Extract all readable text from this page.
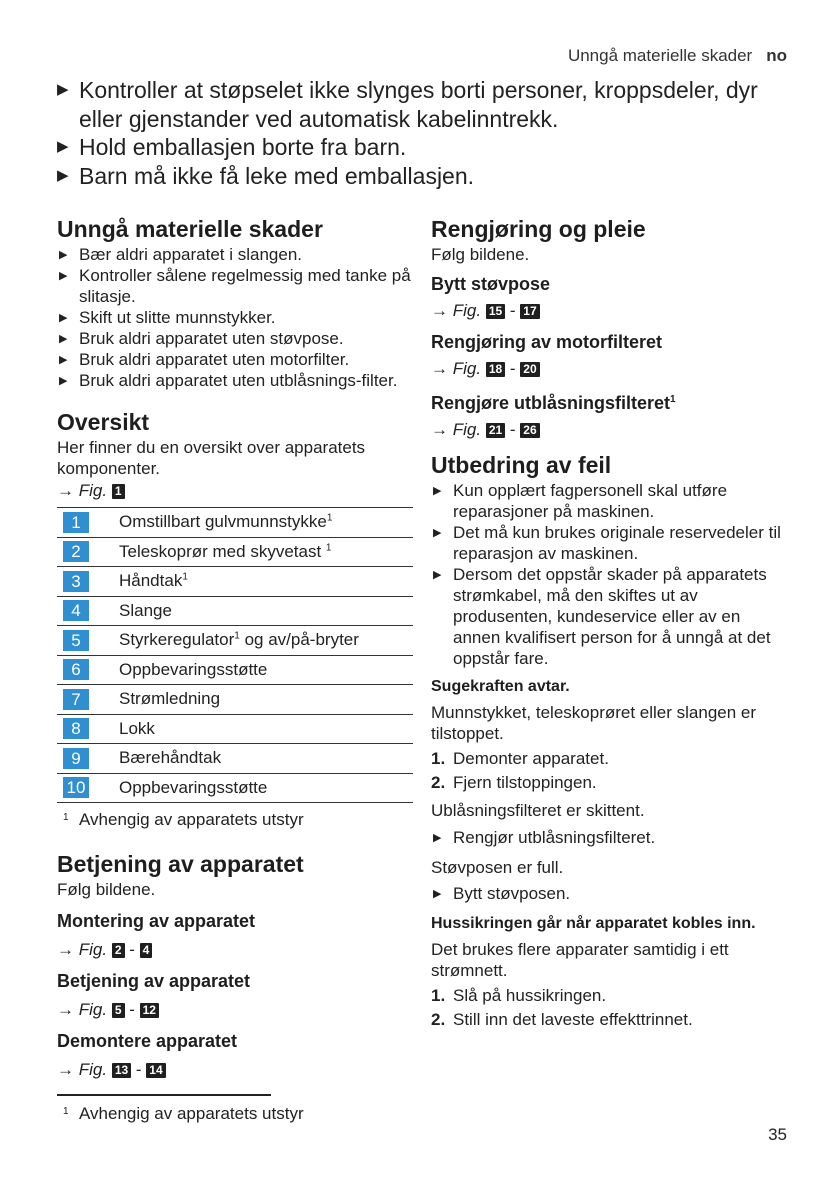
Unngå materielle skader no
▶ Kontroller at støpselet ikke slynges borti personer, kroppsdeler, dyr eller gjenstander ved automatisk kabelinntrekk.
▶ Hold emballasjen borte fra barn.
▶ Barn må ikke få leke med emballasjen.
Unngå materielle skader
▶ Bær aldri apparatet i slangen.
▶ Kontroller sålene regelmessig med tanke på slitasje.
▶ Skift ut slitte munnstykker.
▶ Bruk aldri apparatet uten støvpose.
▶ Bruk aldri apparatet uten motorfilter.
▶ Bruk aldri apparatet uten utblåsnings-filter.
Oversikt
Her finner du en oversikt over apparatets komponenter.
→ Fig. 1
1	Omstillbart gulvmunnstykke$^1$
2	Teleskoprør med skyvetast $^1$
3	Håndtak$^1$
4	Slange
5	Styrkeregulator$^1$ og av/på-bryter
6	Oppbevaringsstøtte
7	Strømledning
8	Lokk
9	Bærehåndtak
10 Oppbevaringsstøtte
1 Avhengig av apparatets utstyr
Betjening av apparatet
Følg bildene.
Montering av apparatet
→ Fig. 2 - 4
Betjening av apparatet
→ Fig. 5 - 12
Demontere apparatet
→ Fig. 13 - 14
Rengjøring og pleie
Følg bildene.
Bytt støvpose
→ Fig. 15 - 17
Rengjøring av motorfilteret
→ Fig. 18 - 20
Rengjøre utblåsningsfilteret$^1$
→ Fig. 21 - 26
Utbedring av feil
▶ Kun opplært fagpersonell skal utføre reparasjoner på maskinen.
▶ Det må kun brukes originale reservedeler til reparasjon av maskinen.
▶ Dersom det oppstår skader på apparatets strømkabel, må den skiftes ut av produsenten, kundeservice eller av en annen kvalifisert person for å unngå at det oppstår fare.
Sugekraften avtar.
Munnstykket, teleskoprøret eller slangen er tilstoppet.
1. Demonter apparatet.
2. Fjern tilstoppingen.
Ublåsningsfilteret er skittent.
▶ Rengjør utblåsningsfilteret.
Støvposen er full.
▶ Bytt støvposen.
Hussikringen går når apparatet kobles inn.
Det brukes flere apparater samtidig i ett strømnett.
1. Slå på hussikringen.
2. Still inn det laveste effekttrinnet.
1 Avhengig av apparatets utstyr
35
